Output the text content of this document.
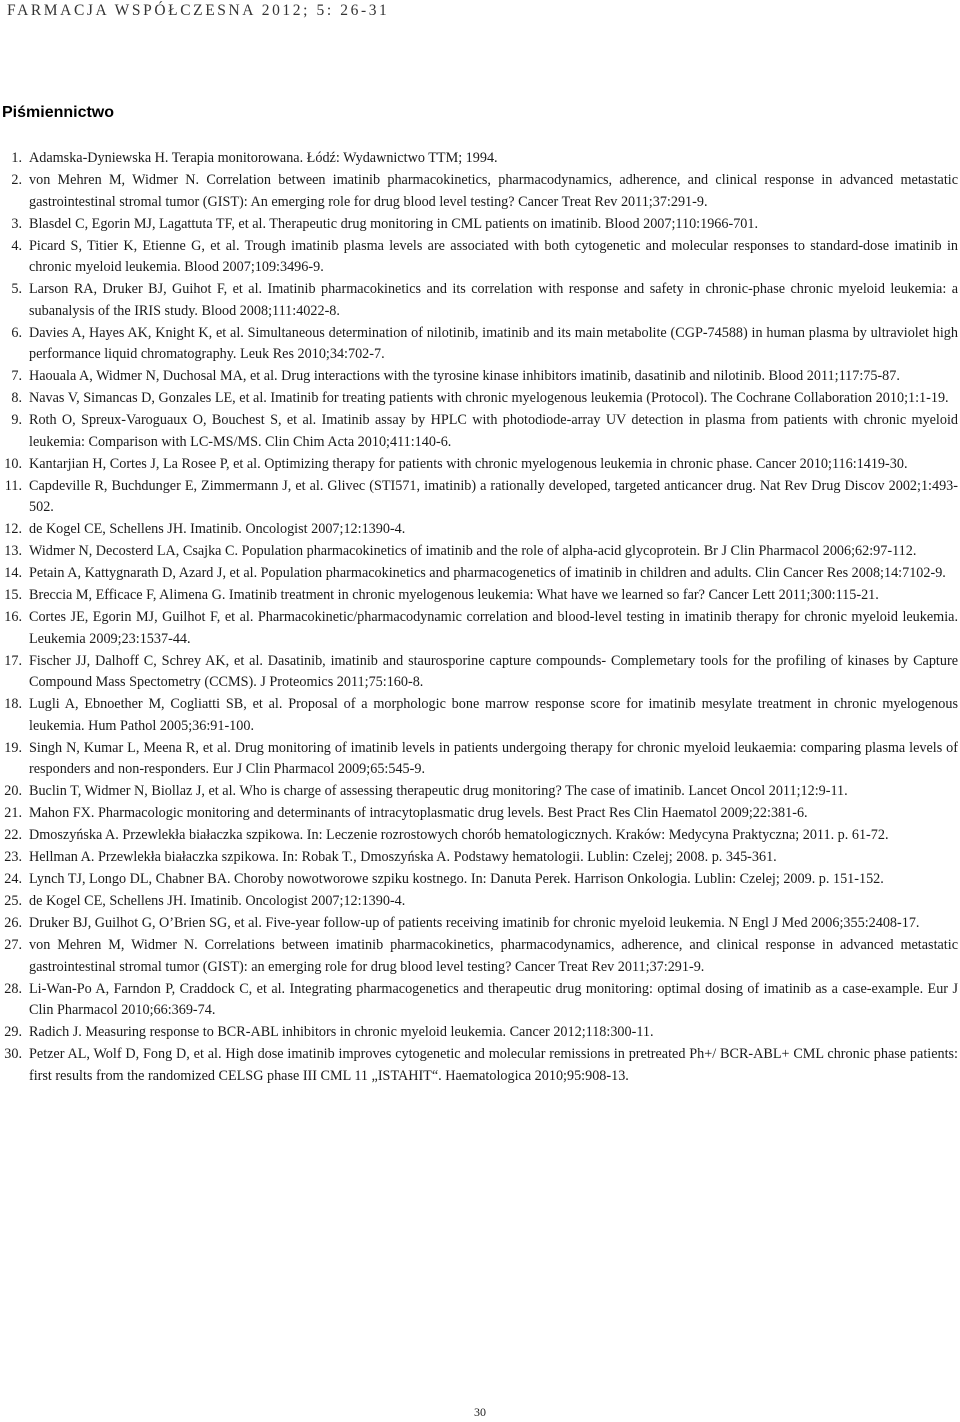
FARMACJA WSPÓŁCZESNA 2012; 5: 26-31
Piśmiennictwo
1. Adamska-Dyniewska H. Terapia monitorowana. Łódź: Wydawnictwo TTM; 1994.
2. von Mehren M, Widmer N. Correlation between imatinib pharmacokinetics, pharmacodynamics, adherence, and clinical response in advanced metastatic gastrointestinal stromal tumor (GIST): An emerging role for drug blood level testing? Cancer Treat Rev 2011;37:291-9.
3. Blasdel C, Egorin MJ, Lagattuta TF, et al. Therapeutic drug monitoring in CML patients on imatinib. Blood 2007;110:1966-701.
4. Picard S, Titier K, Etienne G, et al. Trough imatinib plasma levels are associated with both cytogenetic and molecular responses to standard-dose imatinib in chronic myeloid leukemia. Blood 2007;109:3496-9.
5. Larson RA, Druker BJ, Guihot F, et al. Imatinib pharmacokinetics and its correlation with response and safety in chronic-phase chronic myeloid leukemia: a subanalysis of the IRIS study. Blood 2008;111:4022-8.
6. Davies A, Hayes AK, Knight K, et al. Simultaneous determination of nilotinib, imatinib and its main metabolite (CGP-74588) in human plasma by ultraviolet high performance liquid chromatography. Leuk Res 2010;34:702-7.
7. Haouala A, Widmer N, Duchosal MA, et al. Drug interactions with the tyrosine kinase inhibitors imatinib, dasatinib and nilotinib. Blood 2011;117:75-87.
8. Navas V, Simancas D, Gonzales LE, et al. Imatinib for treating patients with chronic myelogenous leukemia (Protocol). The Cochrane Collaboration 2010;1:1-19.
9. Roth O, Spreux-Varoguaux O, Bouchest S, et al. Imatinib assay by HPLC with photodiode-array UV detection in plasma from patients with chronic myeloid leukemia: Comparison with LC-MS/MS. Clin Chim Acta 2010;411:140-6.
10. Kantarjian H, Cortes J, La Rosee P, et al. Optimizing therapy for patients with chronic myelogenous leukemia in chronic phase. Cancer 2010;116:1419-30.
11. Capdeville R, Buchdunger E, Zimmermann J, et al. Glivec (STI571, imatinib) a rationally developed, targeted anticancer drug. Nat Rev Drug Discov 2002;1:493-502.
12. de Kogel CE, Schellens JH. Imatinib. Oncologist 2007;12:1390-4.
13. Widmer N, Decosterd LA, Csajka C. Population pharmacokinetics of imatinib and the role of alpha-acid glycoprotein. Br J Clin Pharmacol 2006;62:97-112.
14. Petain A, Kattygnarath D, Azard J, et al. Population pharmacokinetics and pharmacogenetics of imatinib in children and adults. Clin Cancer Res 2008;14:7102-9.
15. Breccia M, Efficace F, Alimena G. Imatinib treatment in chronic myelogenous leukemia: What have we learned so far? Cancer Lett 2011;300:115-21.
16. Cortes JE, Egorin MJ, Guilhot F, et al. Pharmacokinetic/pharmacodynamic correlation and blood-level testing in imatinib therapy for chronic myeloid leukemia. Leukemia 2009;23:1537-44.
17. Fischer JJ, Dalhoff C, Schrey AK, et al. Dasatinib, imatinib and staurosporine capture compounds- Complemetary tools for the profiling of kinases by Capture Compound Mass Spectometry (CCMS). J Proteomics 2011;75:160-8.
18. Lugli A, Ebnoether M, Cogliatti SB, et al. Proposal of a morphologic bone marrow response score for imatinib mesylate treatment in chronic myelogenous leukemia. Hum Pathol 2005;36:91-100.
19. Singh N, Kumar L, Meena R, et al. Drug monitoring of imatinib levels in patients undergoing therapy for chronic myeloid leukaemia: comparing plasma levels of responders and non-responders. Eur J Clin Pharmacol 2009;65:545-9.
20. Buclin T, Widmer N, Biollaz J, et al. Who is charge of assessing therapeutic drug monitoring? The case of imatinib. Lancet Oncol 2011;12:9-11.
21. Mahon FX. Pharmacologic monitoring and determinants of intracytoplasmatic drug levels. Best Pract Res Clin Haematol 2009;22:381-6.
22. Dmoszyńska A. Przewlekła białaczka szpikowa. In: Leczenie rozrostowych chorób hematologicznych. Kraków: Medycyna Praktyczna; 2011. p. 61-72.
23. Hellman A. Przewlekła białaczka szpikowa. In: Robak T., Dmoszyńska A. Podstawy hematologii. Lublin: Czelej; 2008. p. 345-361.
24. Lynch TJ, Longo DL, Chabner BA. Choroby nowotworowe szpiku kostnego. In: Danuta Perek. Harrison Onkologia. Lublin: Czelej; 2009. p. 151-152.
25. de Kogel CE, Schellens JH. Imatinib. Oncologist 2007;12:1390-4.
26. Druker BJ, Guilhot G, O’Brien SG, et al. Five-year follow-up of patients receiving imatinib for chronic myeloid leukemia. N Engl J Med 2006;355:2408-17.
27. von Mehren M, Widmer N. Correlations between imatinib pharmacokinetics, pharmacodynamics, adherence, and clinical response in advanced metastatic gastrointestinal stromal tumor (GIST): an emerging role for drug blood level testing? Cancer Treat Rev 2011;37:291-9.
28. Li-Wan-Po A, Farndon P, Craddock C, et al. Integrating pharmacogenetics and therapeutic drug monitoring: optimal dosing of imatinib as a case-example. Eur J Clin Pharmacol 2010;66:369-74.
29. Radich J. Measuring response to BCR-ABL inhibitors in chronic myeloid leukemia. Cancer 2012;118:300-11.
30. Petzer AL, Wolf D, Fong D, et al. High dose imatinib improves cytogenetic and molecular remissions in pretreated Ph+/ BCR-ABL+ CML chronic phase patients: first results from the randomized CELSG phase III CML 11 „ISTAHIT“. Haematologica 2010;95:908-13.
30
